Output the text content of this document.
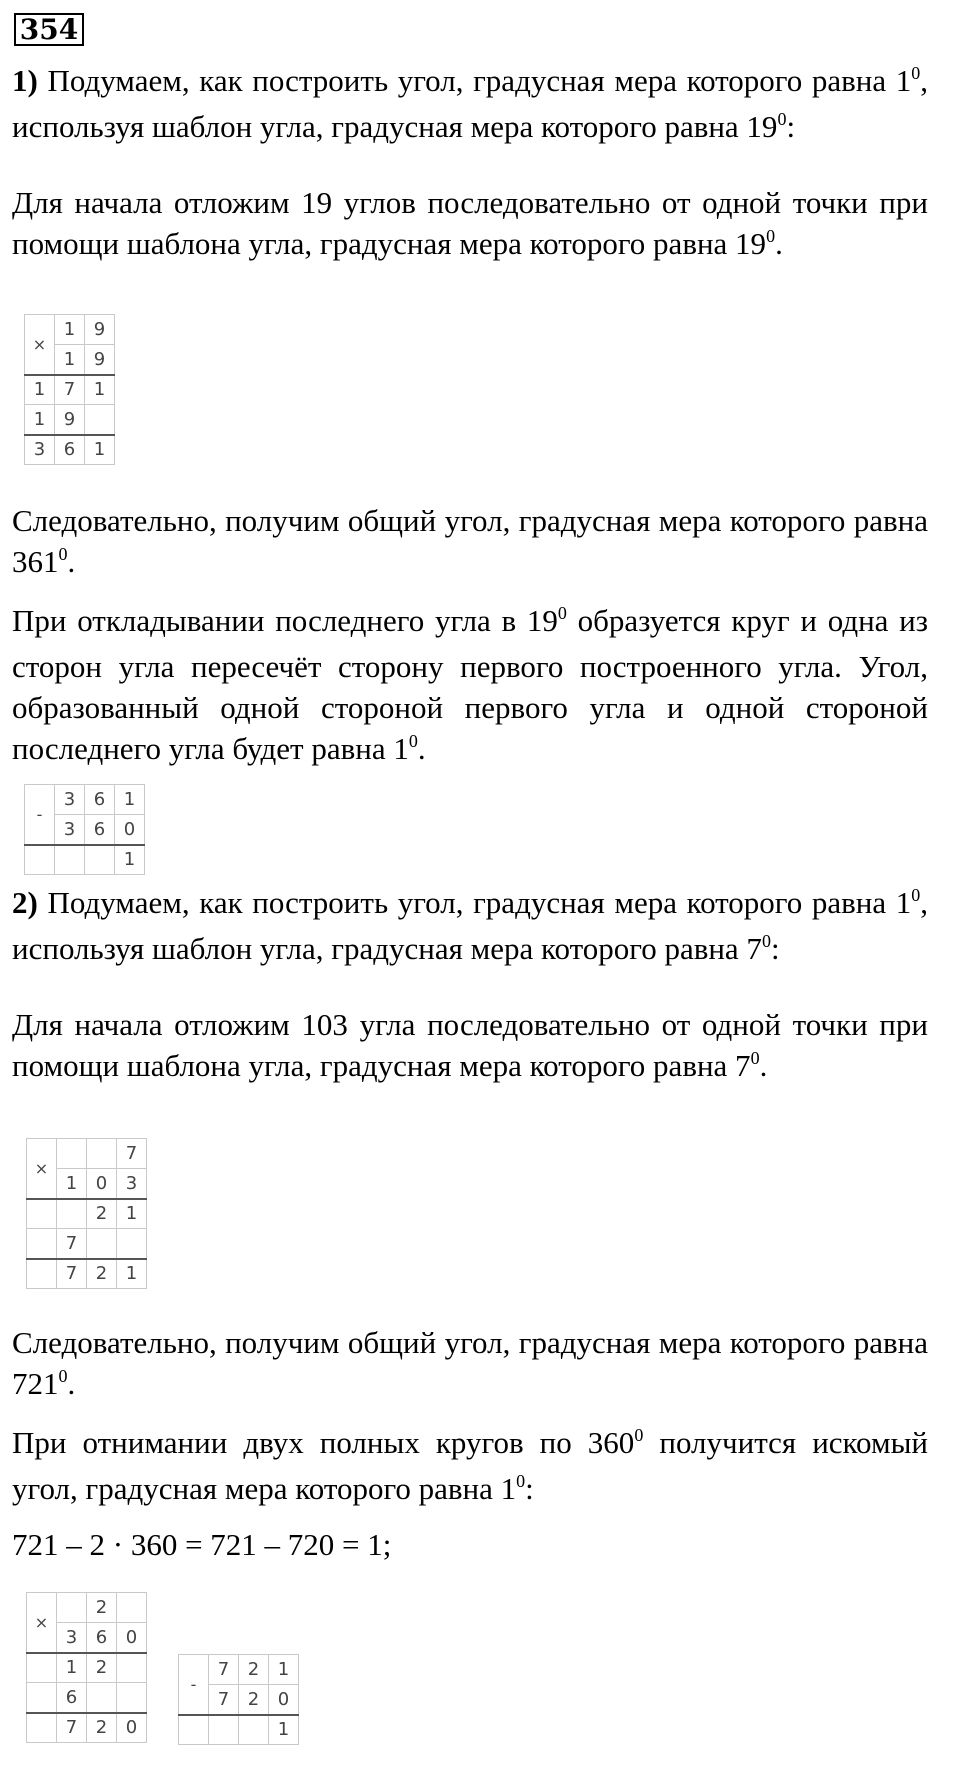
354

1) Подумаем, как построить угол, градусная мера которого равна $1^0$, используя шаблон угла, градусная мера которого равна $19^0$:

Для начала отложим 19 углов последовательно от одной точки при помощи шаблона угла, градусная мера которого равна $19^0$.

×	1	9
	1	9
1	7	1
1	9	
3	6	1

Следовательно, получим общий угол, градусная мера которого равна $361^0$.

При откладывании последнего угла в $19^0$ образуется круг и одна из сторон угла пересечёт сторону первого построенного угла. Угол, образованный одной стороной первого угла и одной стороной последнего угла будет равна $1^0$.

-	3	6	1
	3	6	0
			1

2) Подумаем, как построить угол, градусная мера которого равна $1^0$, используя шаблон угла, градусная мера которого равна $7^0$:

Для начала отложим 103 угла последовательно от одной точки при помощи шаблона угла, градусная мера которого равна $7^0$.

×			7
	1	0	3
		2	1
	7		
	7	2	1

Следовательно, получим общий угол, градусная мера которого равна $721^0$.

При отнимании двух полных кругов по $360^0$ получится искомый угол, градусная мера которого равна $1^0$:

721 – 2 · 360 = 721 – 720 = 1;

×		2	
	3	6	0
	1	2	
	6		
	7	2	0
-	7	2	1
	7	2	0
			1
